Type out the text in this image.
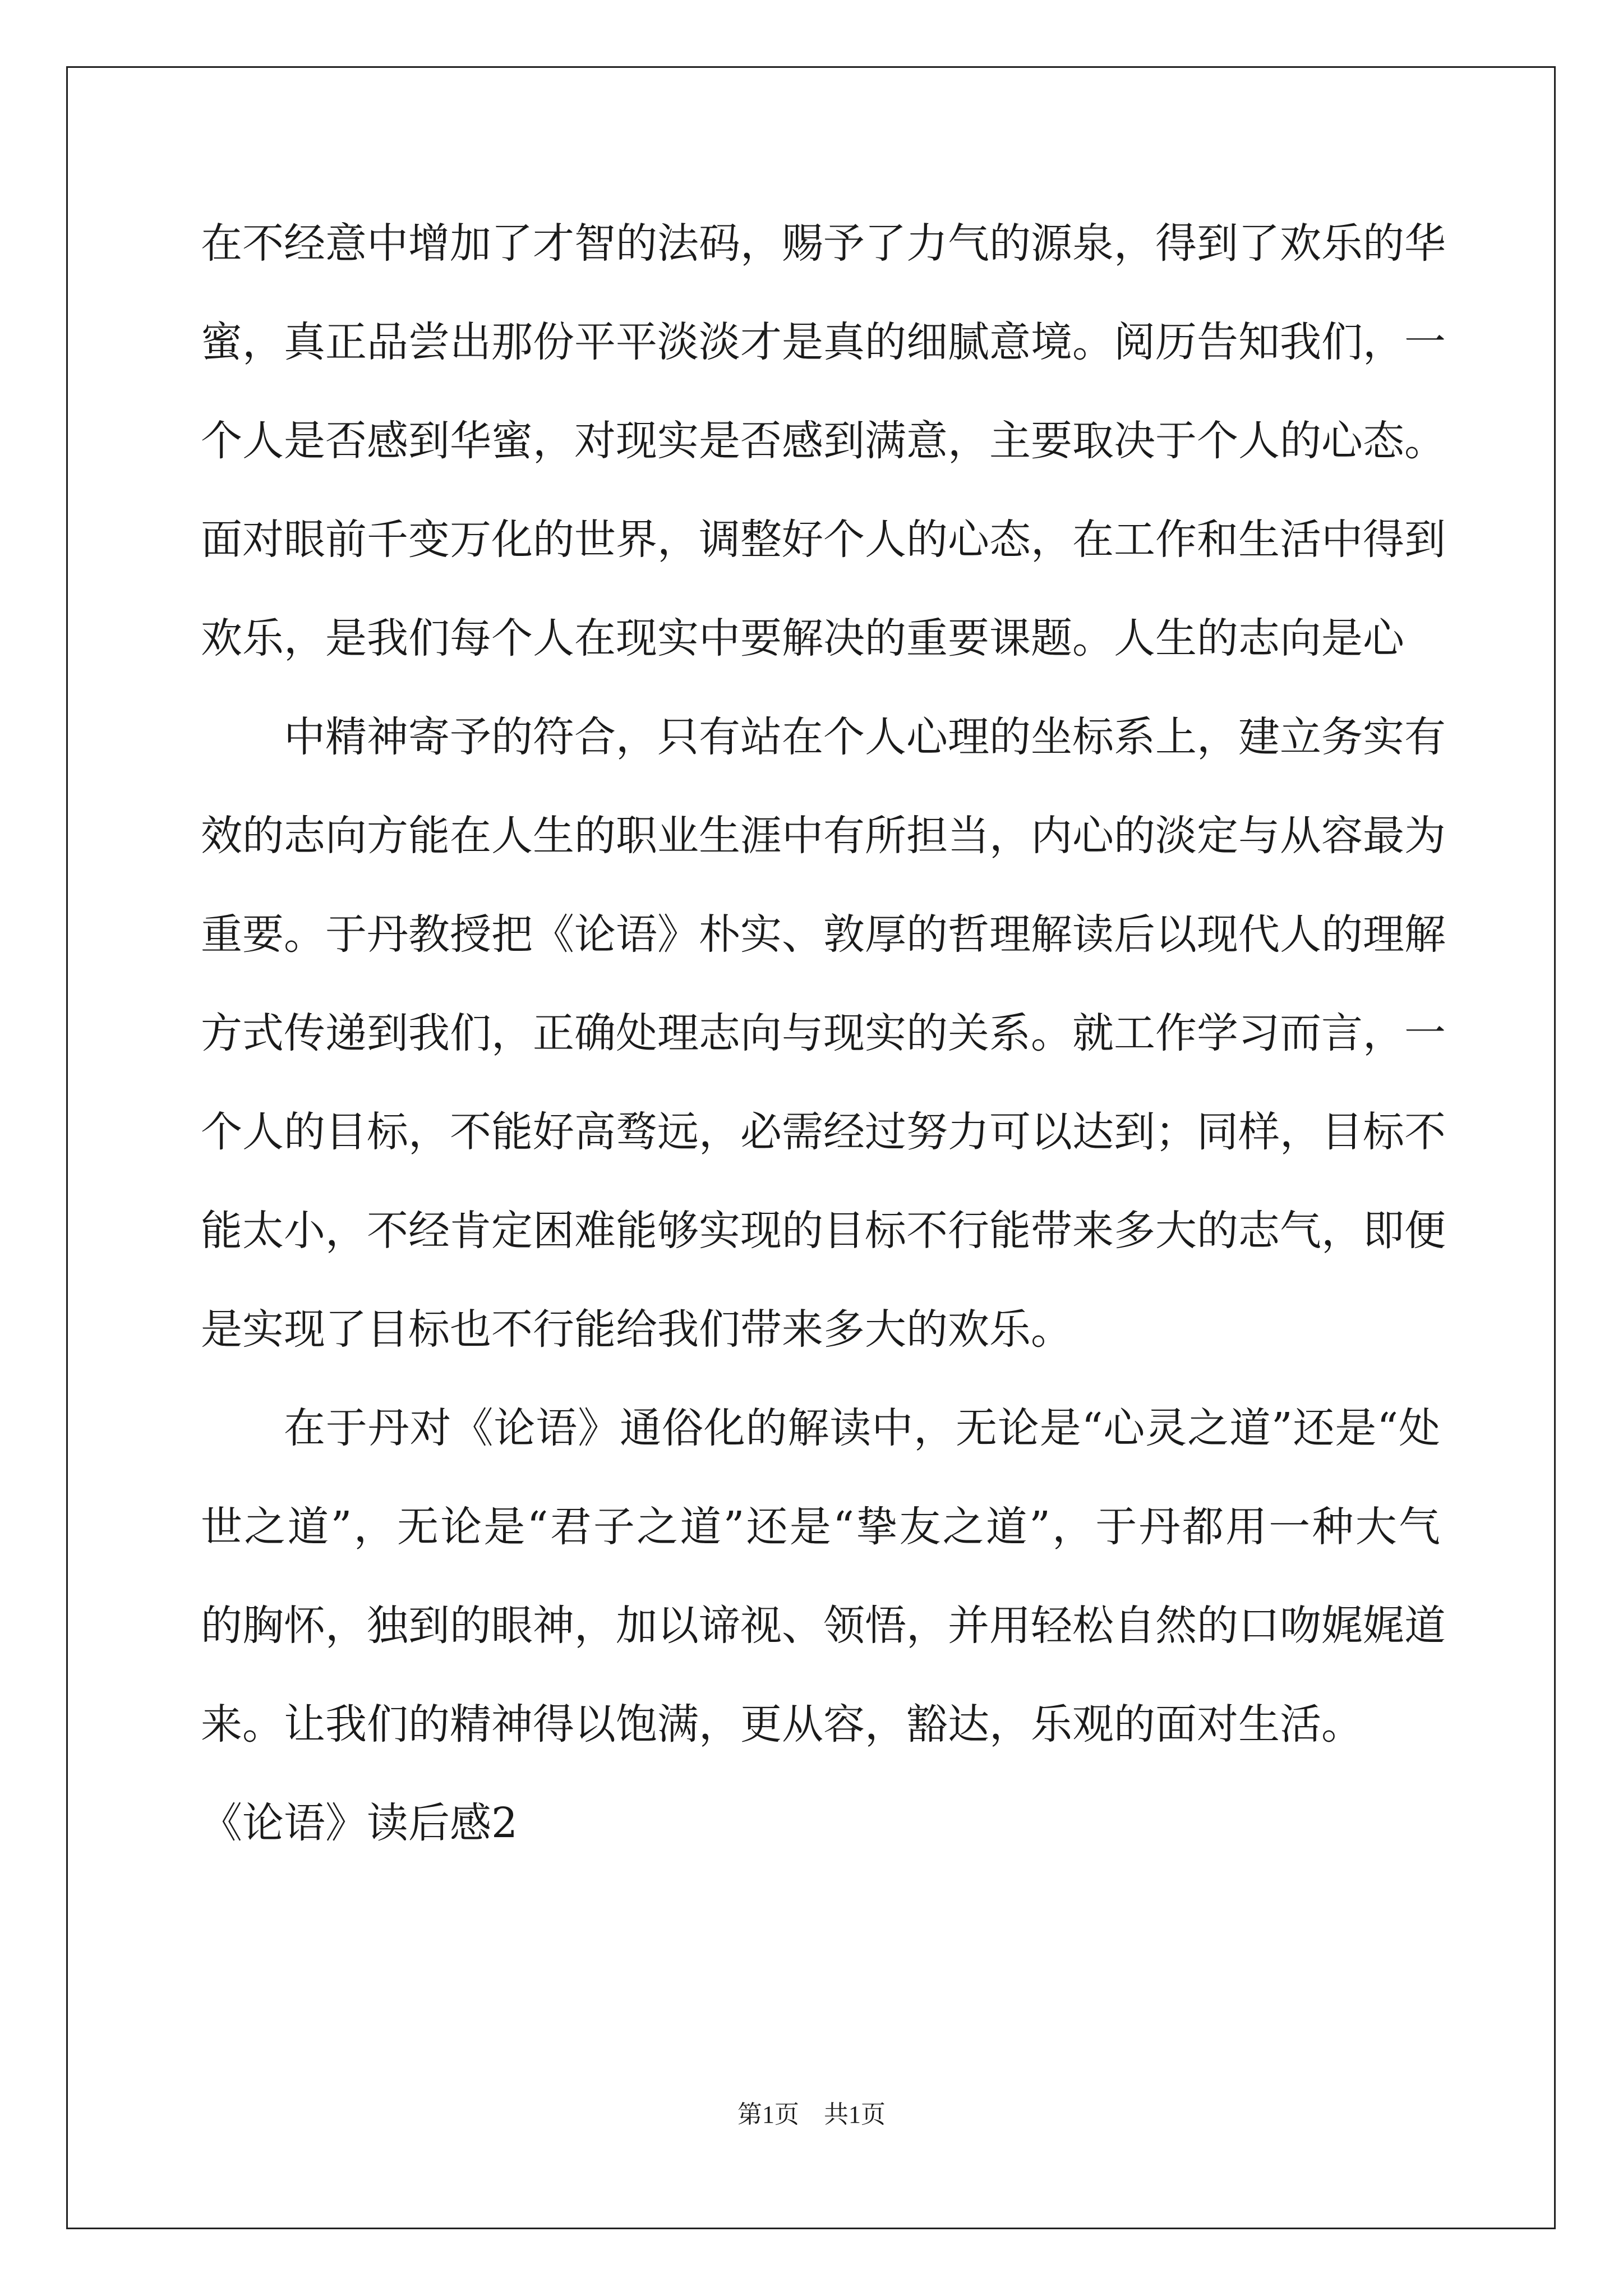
在不经意中增加了才智的法码，赐予了力气的源泉，得到了欢乐的华
蜜，真正品尝出那份平平淡淡才是真的细腻意境。阅历告知我们，一
个人是否感到华蜜，对现实是否感到满意，主要取决于个人的心态。
面对眼前千变万化的世界，调整好个人的心态，在工作和生活中得到
欢乐，是我们每个人在现实中要解决的重要课题。人生的志向是心
中精神寄予的符合，只有站在个人心理的坐标系上，建立务实有
效的志向方能在人生的职业生涯中有所担当，内心的淡定与从容最为
重要。于丹教授把《论语》朴实、敦厚的哲理解读后以现代人的理解
方式传递到我们，正确处理志向与现实的关系。就工作学习而言，一
个人的目标，不能好高骛远，必需经过努力可以达到；同样，目标不
能太小，不经肯定困难能够实现的目标不行能带来多大的志气，即便
是实现了目标也不行能给我们带来多大的欢乐。
在于丹对《论语》通俗化的解读中，无论是“心灵之道”还是“处
世之道”，无论是“君子之道”还是“挚友之道”，于丹都用一种大气
的胸怀，独到的眼神，加以谛视、领悟，并用轻松自然的口吻娓娓道
来。让我们的精神得以饱满，更从容，豁达，乐观的面对生活。
《论语》读后感2
第1页　共1页
